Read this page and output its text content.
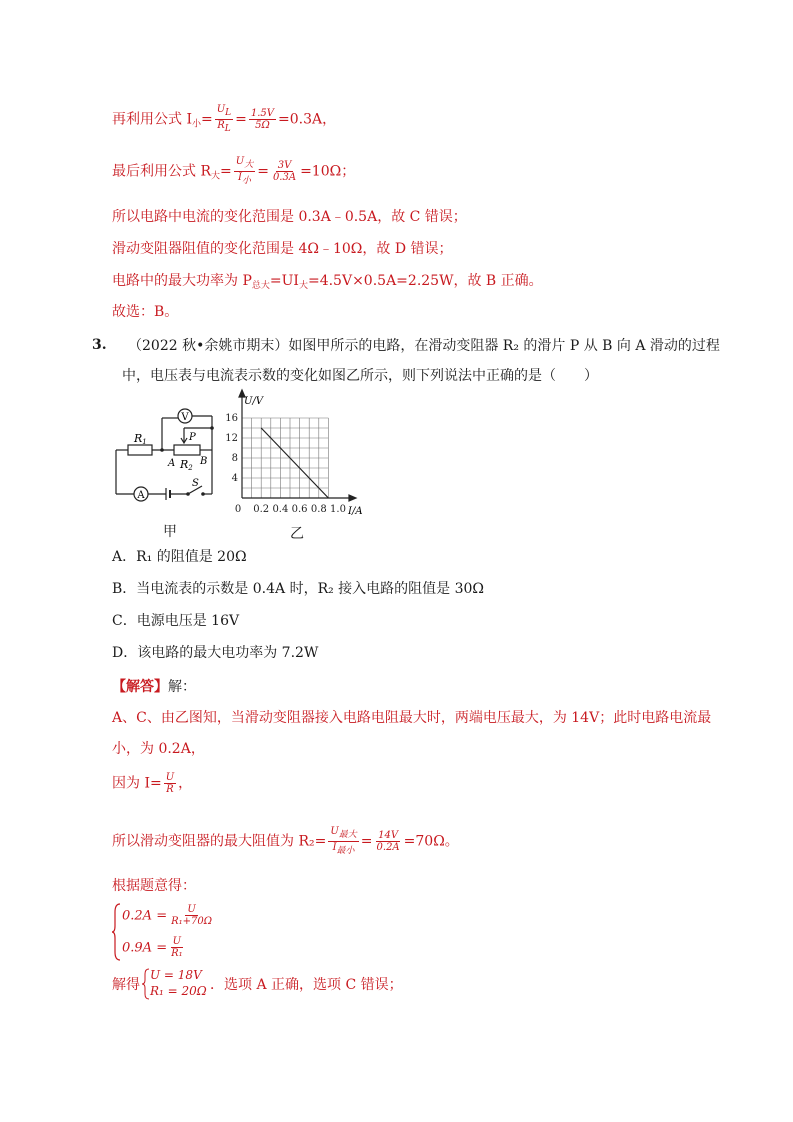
再利用公式 $I_小= \frac{UL}{RL} = \frac{1.5V}{5\Omega} =0.3A$，
最后利用公式 $R_大= \frac{\text{U大}}{\text{I小}} = \frac{3V}{0.3A} =10\Omega$；
所以电路中电流的变化范围是 0.3A﹣0.5A，故 C 错误；
滑动变阻器阻值的变化范围是 4Ω﹣10Ω，故 D 错误；
电路中的最大功率为 $P_{总大}=UI_大=4.5V\times 0.5A=2.25W$，故 B 正确。
故选：B。
3. （2022 秋•余姚市期末）如图甲所示的电路，在滑动变阻器 R₂ 的滑片 P 从 B 向 A 滑动的过程
中，电压表与电流表示数的变化如图乙所示，则下列说法中正确的是（　　）
V
A
R1	P
A B
R2
S
甲
0 0.2 0.4 0.6 0.8 1.0
4
8
12
16
U/V
I/A
乙
A．R₁ 的阻值是 20Ω
B．当电流表的示数是 0.4A 时，R₂ 接入电路的阻值是 30Ω
C．电源电压是 16V
D．该电路的最大电功率为 7.2W
【解答】解：
A、C、由乙图知，当滑动变阻器接入电路电阻最大时，两端电压最大，为 14V；此时电路电流最
小，为 0.2A，
因为 $I= \frac{U}{R}$ ，
所以滑动变阻器的最大阻值为 $R_2= \frac{\text{U最大}}{\text{I最小}} = \frac{14V}{0.2A} =70\Omega$。
根据题意得：
$0.2A = \frac{U}{\text{R₁+70Ω}}$
$0.9A = \frac{U}{\text{R₁}}$
解得
U = 18V
R₁ = 20Ω ．选项 A 正确，选项 C 错误；
